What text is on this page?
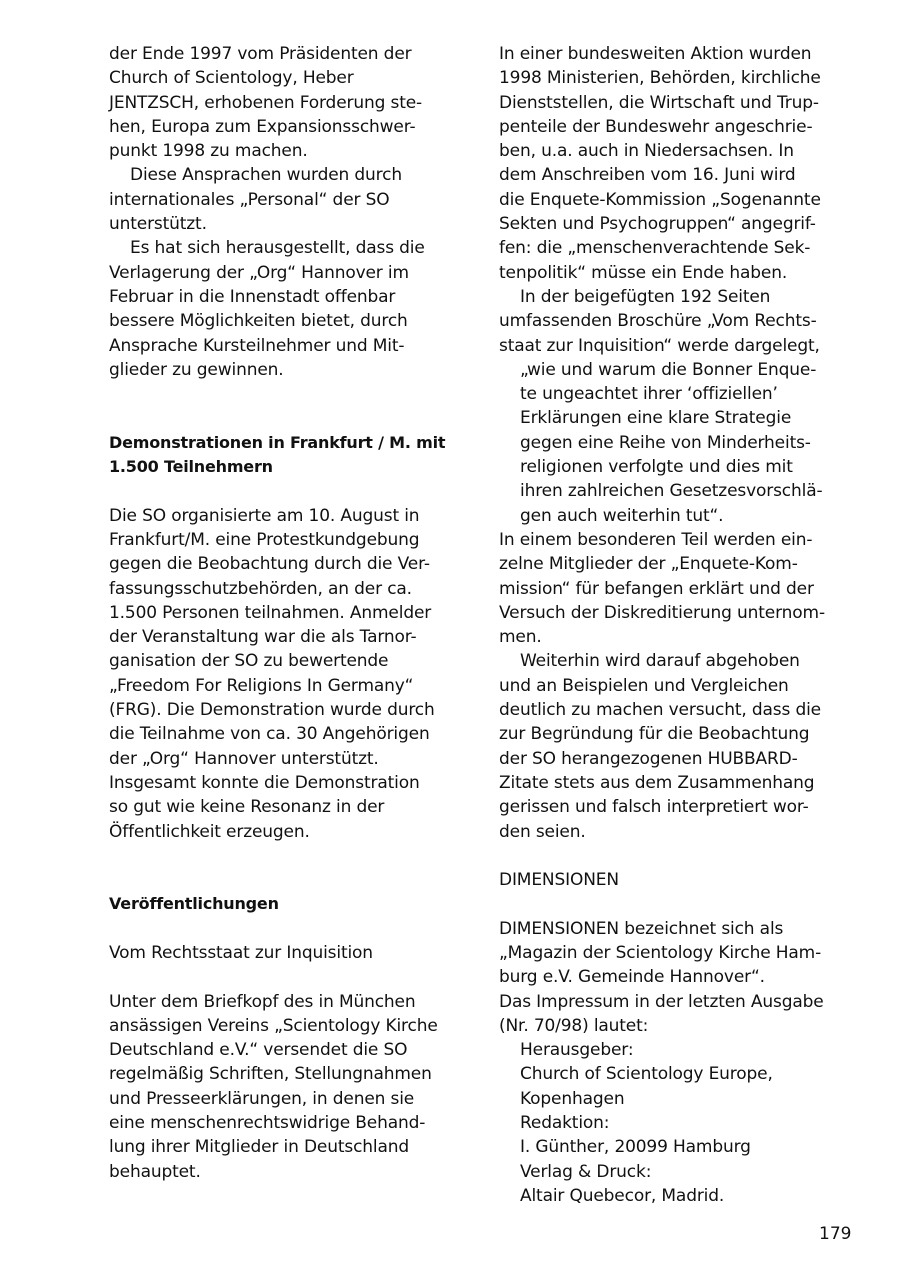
der Ende 1997 vom Präsidenten der
Church of Scientology, Heber
JENTZSCH, erhobenen Forderung ste-
hen, Europa zum Expansionsschwer-
punkt 1998 zu machen.
Diese Ansprachen wurden durch
internationales „Personal“ der SO
unterstützt.
Es hat sich herausgestellt, dass die
Verlagerung der „Org“ Hannover im
Februar in die Innenstadt offenbar
bessere Möglichkeiten bietet, durch
Ansprache Kursteilnehmer und Mit-
glieder zu gewinnen.
Demonstrationen in Frankfurt / M. mit
1.500 Teilnehmern
Die SO organisierte am 10. August in
Frankfurt/M. eine Protestkundgebung
gegen die Beobachtung durch die Ver-
fassungsschutzbehörden, an der ca.
1.500 Personen teilnahmen. Anmelder
der Veranstaltung war die als Tarnor-
ganisation der SO zu bewertende
„Freedom For Religions In Germany“
(FRG). Die Demonstration wurde durch
die Teilnahme von ca. 30 Angehörigen
der „Org“ Hannover unterstützt.
Insgesamt konnte die Demonstration
so gut wie keine Resonanz in der
Öffentlichkeit erzeugen.
Veröffentlichungen
Vom Rechtsstaat zur Inquisition
Unter dem Briefkopf des in München
ansässigen Vereins „Scientology Kirche
Deutschland e.V.“ versendet die SO
regelmäßig Schriften, Stellungnahmen
und Presseerklärungen, in denen sie
eine menschenrechtswidrige Behand-
lung ihrer Mitglieder in Deutschland
behauptet.
In einer bundesweiten Aktion wurden
1998 Ministerien, Behörden, kirchliche
Dienststellen, die Wirtschaft und Trup-
penteile der Bundeswehr angeschrie-
ben, u.a. auch in Niedersachsen. In
dem Anschreiben vom 16. Juni wird
die Enquete-Kommission „Sogenannte
Sekten und Psychogruppen“ angegrif-
fen: die „menschenverachtende Sek-
tenpolitik“ müsse ein Ende haben.
In der beigefügten 192 Seiten
umfassenden Broschüre „Vom Rechts-
staat zur Inquisition“ werde dargelegt,
„wie und warum die Bonner Enque-
te ungeachtet ihrer ‘offiziellen’
Erklärungen eine klare Strategie
gegen eine Reihe von Minderheits-
religionen verfolgte und dies mit
ihren zahlreichen Gesetzesvorschlä-
gen auch weiterhin tut“.
In einem besonderen Teil werden ein-
zelne Mitglieder der „Enquete-Kom-
mission“ für befangen erklärt und der
Versuch der Diskreditierung unternom-
men.
Weiterhin wird darauf abgehoben
und an Beispielen und Vergleichen
deutlich zu machen versucht, dass die
zur Begründung für die Beobachtung
der SO herangezogenen HUBBARD-
Zitate stets aus dem Zusammenhang
gerissen und falsch interpretiert wor-
den seien.
DIMENSIONEN
DIMENSIONEN bezeichnet sich als
„Magazin der Scientology Kirche Ham-
burg e.V. Gemeinde Hannover“.
Das Impressum in der letzten Ausgabe
(Nr. 70/98) lautet:
Herausgeber:
Church of Scientology Europe,
Kopenhagen
Redaktion:
I. Günther, 20099 Hamburg
Verlag & Druck:
Altair Quebecor, Madrid.
179
